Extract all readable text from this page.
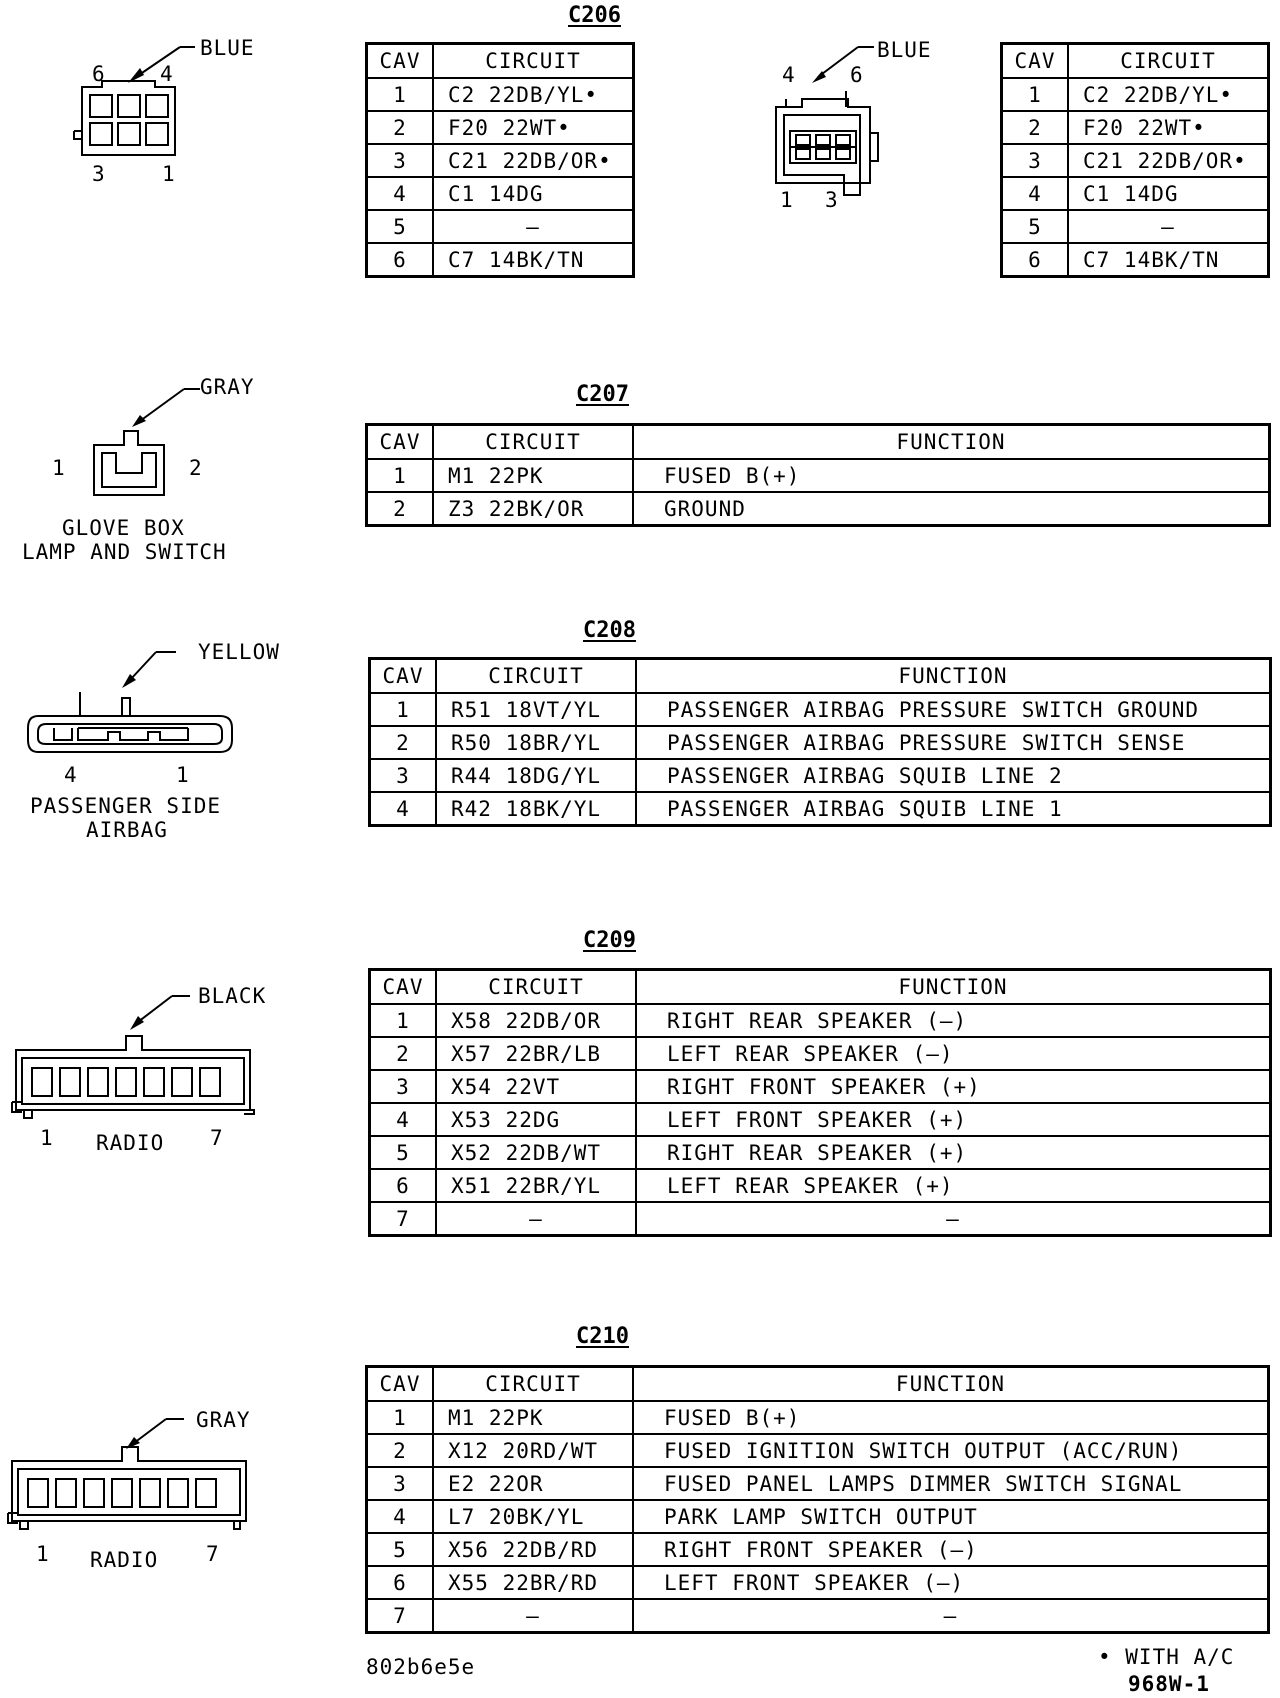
C206
BLUE
6	4
3	1
CAV	CIRCUIT
1	C2 22DB/YL•
2	F20 22WT•
3	C21 22DB/OR•
4	C1 14DG
5	–
6	C7 14BK/TN
BLUE
4	6
1 3
CAV	CIRCUIT
1	C2 22DB/YL•
2	F20 22WT•
3	C21 22DB/OR•
4	C1 14DG
5	–
6	C7 14BK/TN
C207
GRAY
1	2
GLOVE BOX
LAMP AND SWITCH
CAV	CIRCUIT	FUNCTION
1	M1 22PK	FUSED B(+)
2	Z3 22BK/OR	GROUND
C208
YELLOW
4	1
PASSENGER SIDE
AIRBAG
CAV	CIRCUIT	FUNCTION
1	R51 18VT/YL	PASSENGER AIRBAG PRESSURE SWITCH GROUND
2	R50 18BR/YL	PASSENGER AIRBAG PRESSURE SWITCH SENSE
3	R44 18DG/YL	PASSENGER AIRBAG SQUIB LINE 2
4	R42 18BK/YL	PASSENGER AIRBAG SQUIB LINE 1
C209
BLACK
1 RADIO 7
CAV	CIRCUIT	FUNCTION
1	X58 22DB/OR	RIGHT REAR SPEAKER (–)
2	X57 22BR/LB	LEFT REAR SPEAKER (–)
3	X54 22VT	RIGHT FRONT SPEAKER (+)
4	X53 22DG	LEFT FRONT SPEAKER (+)
5	X52 22DB/WT	RIGHT REAR SPEAKER (+)
6	X51 22BR/YL	LEFT REAR SPEAKER (+)
7	–	–
C210
GRAY
1 RADIO 7
CAV	CIRCUIT	FUNCTION
1	M1 22PK	FUSED B(+)
2	X12 20RD/WT	FUSED IGNITION SWITCH OUTPUT (ACC/RUN)
3	E2 22OR	FUSED PANEL LAMPS DIMMER SWITCH SIGNAL
4	L7 20BK/YL	PARK LAMP SWITCH OUTPUT
5	X56 22DB/RD	RIGHT FRONT SPEAKER (–)
6	X55 22BR/RD	LEFT FRONT SPEAKER (–)
7	–	–
802b6e5e	• WITH A/C
968W-1
